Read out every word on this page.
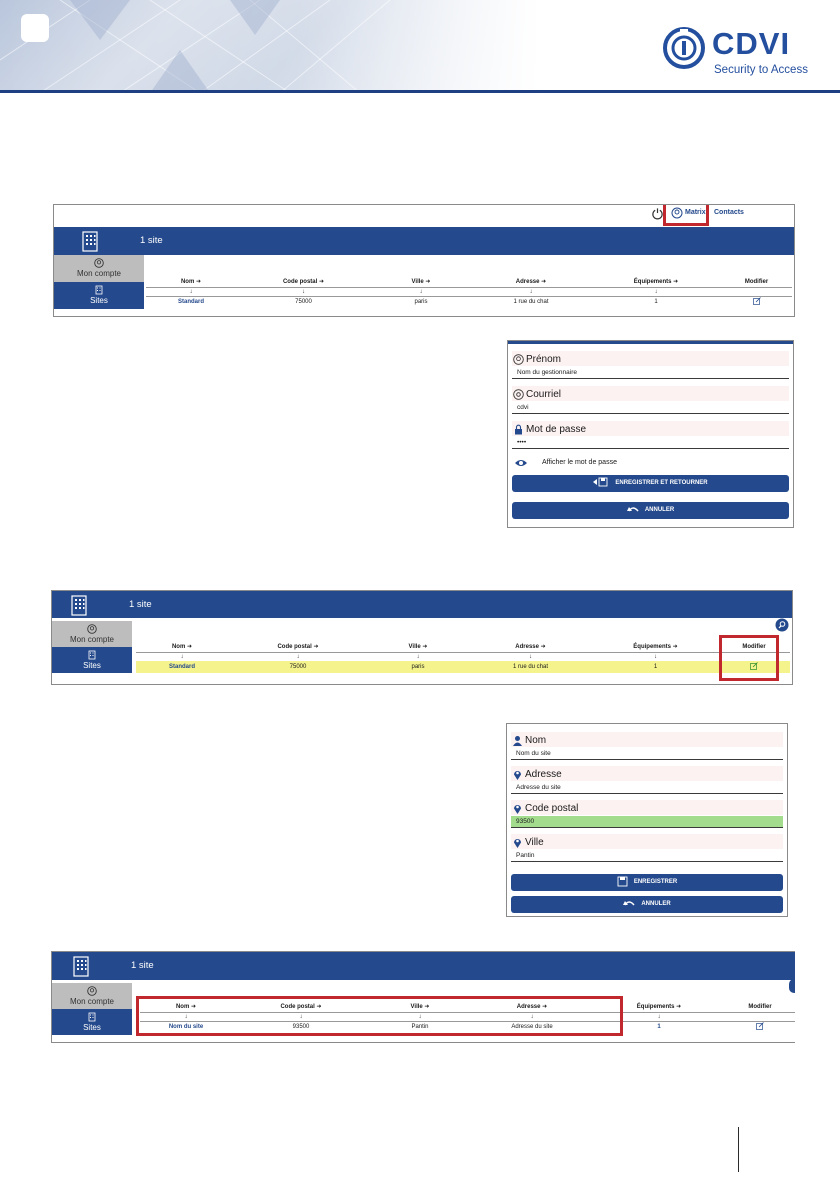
CDVI
Security to Access
Matrix Contacts
1 site
Mon compte
Sites
Nom ➜	Code postal ➜	Ville ➜	Adresse ➜	Équipements ➜	Modifier
↓	↓	↓	↓	↓	
Standard	75000	paris	1 rue du chat	1	
Prénom
Nom du gestionnaire
Courriel
cdvi
Mot de passe
••••
Afficher le mot de passe
ENREGISTRER ET RETOURNER
ANNULER
1 site
Mon compte
Sites
Nom ➜	Code postal ➜	Ville ➜	Adresse ➜	Équipements ➜	Modifier
↓	↓	↓	↓	↓	
Standard	75000	paris	1 rue du chat	1	
Nom
Nom du site
Adresse
Adresse du site
Code postal
93500
Ville
Pantin
ENREGISTRER
ANNULER
1 site
Mon compte
Sites
Nom ➜	Code postal ➜	Ville ➜	Adresse ➜	Équipements ➜	Modifier
↓	↓	↓	↓	↓	
Nom du site	93500	Pantin	Adresse du site	1	
